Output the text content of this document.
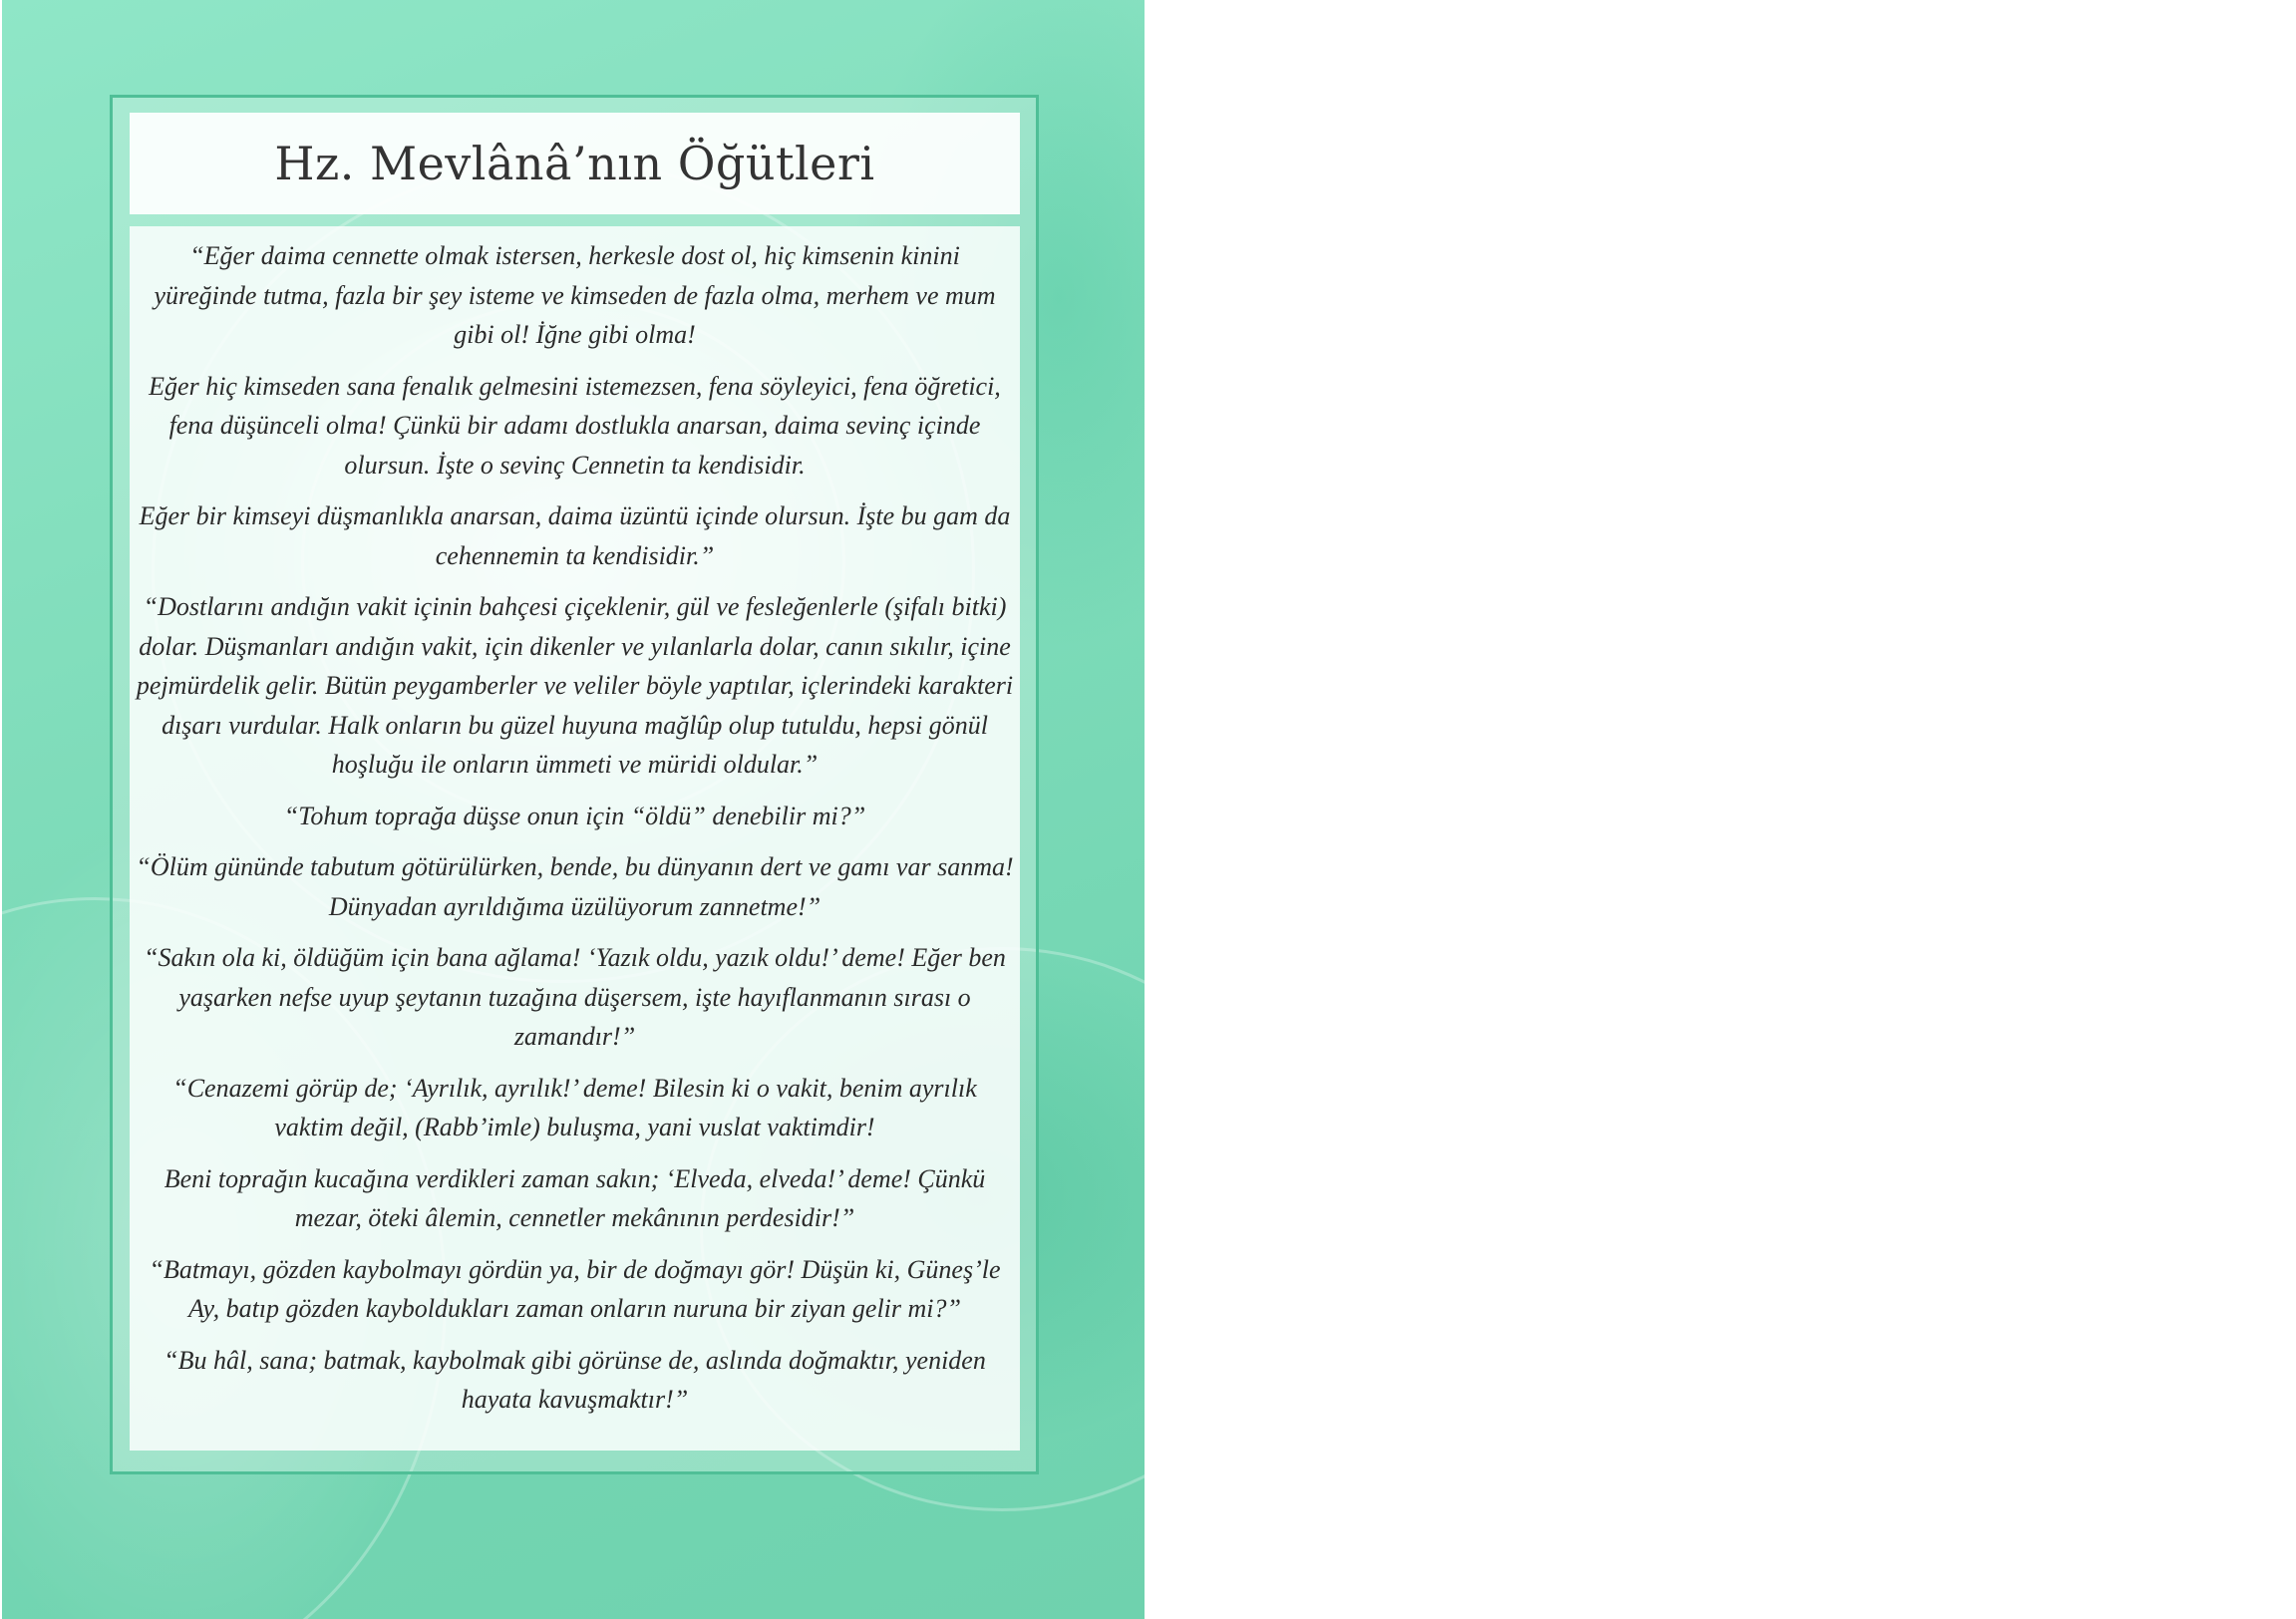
Hz. Mevlânâ’nın Öğütleri

“Eğer daima cennette olmak istersen, herkesle dost ol, hiç kimsenin kinini yüreğinde tutma, fazla bir şey isteme ve kimseden de fazla olma, merhem ve mum gibi ol! İğne gibi olma!

Eğer hiç kimseden sana fenalık gelmesini istemezsen, fena söyleyici, fena öğretici, fena düşünceli olma! Çünkü bir adamı dostlukla anarsan, daima sevinç içinde olursun. İşte o sevinç Cennetin ta kendisidir.

Eğer bir kimseyi düşmanlıkla anarsan, daima üzüntü içinde olursun. İşte bu gam da cehennemin ta kendisidir.”

“Dostlarını andığın vakit içinin bahçesi çiçeklenir, gül ve fesleğenlerle (şifalı bitki) dolar. Düşmanları andığın vakit, için dikenler ve yılanlarla dolar, canın sıkılır, içine pejmürdelik gelir. Bütün peygamberler ve veliler böyle yaptılar, içlerindeki karakteri dışarı vurdular. Halk onların bu güzel huyuna mağlûp olup tutuldu, hepsi gönül hoşluğu ile onların ümmeti ve müridi oldular.”

“Tohum toprağa düşse onun için “öldü” denebilir mi?”

“Ölüm gününde tabutum götürülürken, bende, bu dünyanın dert ve gamı var sanma! Dünyadan ayrıldığıma üzülüyorum zannetme!”

“Sakın ola ki, öldüğüm için bana ağlama! ‘Yazık oldu, yazık oldu!’ deme! Eğer ben yaşarken nefse uyup şeytanın tuzağına düşersem, işte hayıflanmanın sırası o zamandır!”

“Cenazemi görüp de; ‘Ayrılık, ayrılık!’ deme! Bilesin ki o vakit, benim ayrılık vaktim değil, (Rabb’imle) buluşma, yani vuslat vaktimdir!

Beni toprağın kucağına verdikleri zaman sakın; ‘Elveda, elveda!’ deme! Çünkü mezar, öteki âlemin, cennetler mekânının perdesidir!”

“Batmayı, gözden kaybolmayı gördün ya, bir de doğmayı gör! Düşün ki, Güneş’le Ay, batıp gözden kayboldukları zaman onların nuruna bir ziyan gelir mi?”

“Bu hâl, sana; batmak, kaybolmak gibi görünse de, aslında doğmaktır, yeniden hayata kavuşmaktır!”
